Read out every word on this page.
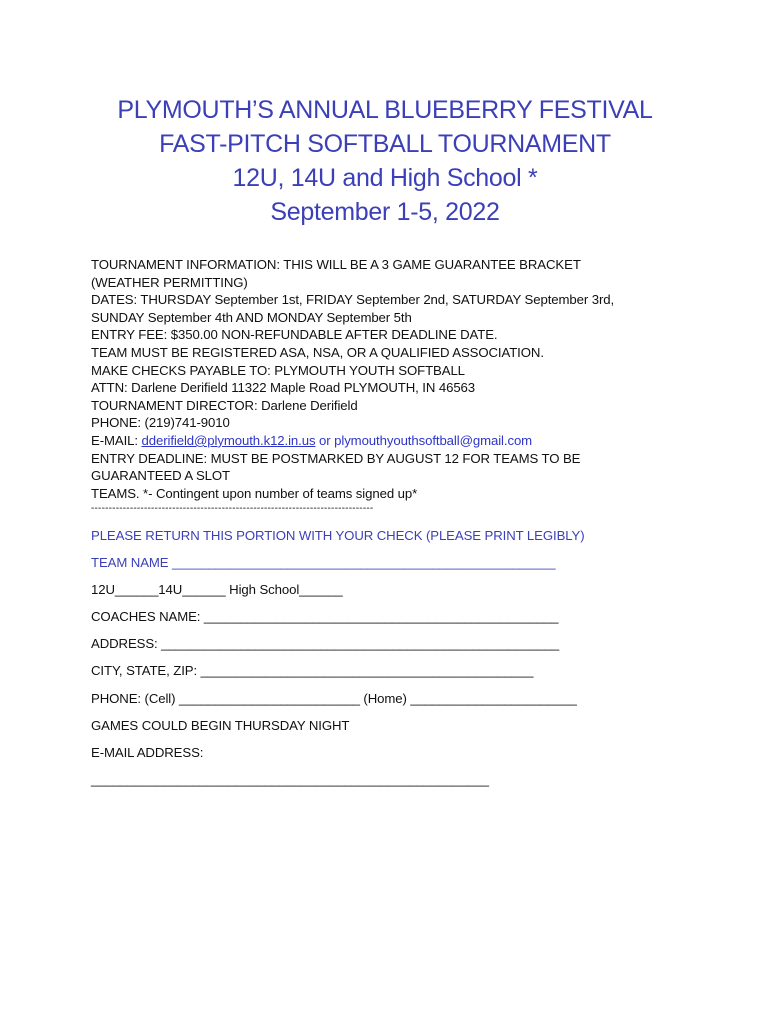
PLYMOUTH’S ANNUAL BLUEBERRY FESTIVAL
FAST-PITCH SOFTBALL TOURNAMENT
12U, 14U and High School *
September 1-5, 2022
TOURNAMENT INFORMATION: THIS WILL BE A 3 GAME GUARANTEE BRACKET
(WEATHER PERMITTING)
DATES: THURSDAY September 1st, FRIDAY September 2nd, SATURDAY September 3rd,
SUNDAY September 4th AND MONDAY September 5th
ENTRY FEE: $350.00 NON-REFUNDABLE AFTER DEADLINE DATE.
TEAM MUST BE REGISTERED ASA, NSA, OR A QUALIFIED ASSOCIATION.
MAKE CHECKS PAYABLE TO: PLYMOUTH YOUTH SOFTBALL
ATTN: Darlene Derifield 11322 Maple Road PLYMOUTH, IN 46563
TOURNAMENT DIRECTOR: Darlene Derifield
PHONE: (219)741-9010
E-MAIL: dderifield@plymouth.k12.in.us or plymouthyouthsoftball@gmail.com
ENTRY DEADLINE: MUST BE POSTMARKED BY AUGUST 12 FOR TEAMS TO BE
GUARANTEED A SLOT
TEAMS. *- Contingent upon number of teams signed up*
--------------------------------------------------------------------------------
PLEASE RETURN THIS PORTION WITH YOUR CHECK (PLEASE PRINT LEGIBLY)
TEAM NAME _____________________________________________________
12U______14U______ High School______
COACHES NAME: _________________________________________________
ADDRESS: _______________________________________________________
CITY, STATE, ZIP: ______________________________________________
PHONE: (Cell) _________________________ (Home) _______________________
GAMES COULD BEGIN THURSDAY NIGHT
E-MAIL ADDRESS:
_______________________________________________________
